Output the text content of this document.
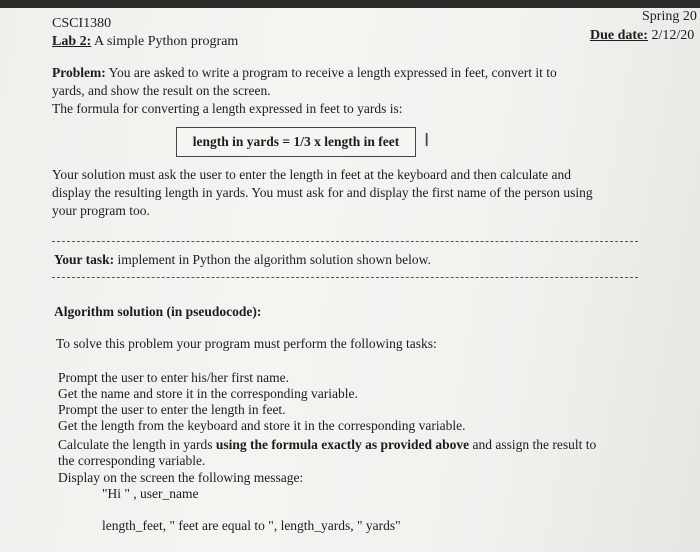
CSCI1380
Lab 2: A simple Python program
Spring 20
Due date: 2/12/20
Problem: You are asked to write a program to receive a length expressed in feet, convert it to
yards, and show the result on the screen.
The formula for converting a length expressed in feet to yards is:
length in yards = 1/3 x length in feet	I
Your solution must ask the user to enter the length in feet at the keyboard and then calculate and
display the resulting length in yards. You must ask for and display the first name of the person using
your program too.
Your task: implement in Python the algorithm solution shown below.
Algorithm solution (in pseudocode):
To solve this problem your program must perform the following tasks:
Prompt the user to enter his/her first name.
Get the name and store it in the corresponding variable.
Prompt the user to enter the length in feet.
Get the length from the keyboard and store it in the corresponding variable.
Calculate the length in yards using the formula exactly as provided above and assign the result to
the corresponding variable.
Display on the screen the following message:
"Hi " , user_name
length_feet, " feet are equal to ", length_yards, " yards"
